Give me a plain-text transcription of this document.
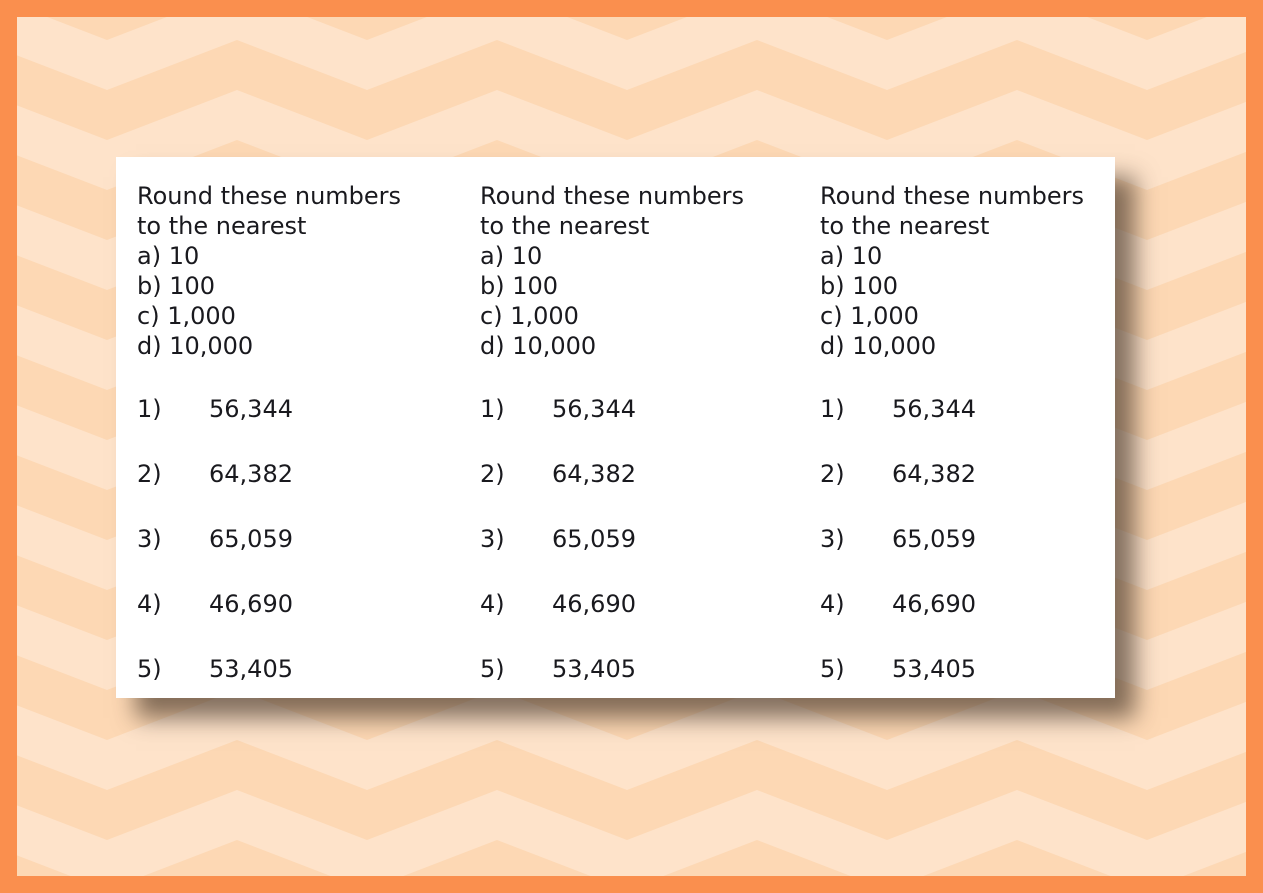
Round these numbers
to the nearest
a) 10
b) 100
c) 1,000
d) 10,000
1) 56,344
2) 64,382
3) 65,059
4) 46,690
5) 53,405
Round these numbers
to the nearest
a) 10
b) 100
c) 1,000
d) 10,000
1) 56,344
2) 64,382
3) 65,059
4) 46,690
5) 53,405
Round these numbers
to the nearest
a) 10
b) 100
c) 1,000
d) 10,000
1) 56,344
2) 64,382
3) 65,059
4) 46,690
5) 53,405
